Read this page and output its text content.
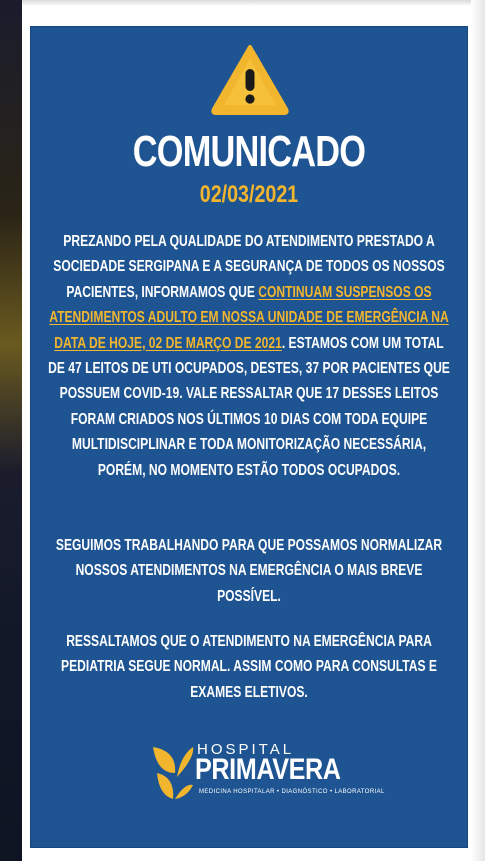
COMUNICADO
02/03/2021
PREZANDO PELA QUALIDADE DO ATENDIMENTO PRESTADO A SOCIEDADE SERGIPANA E A SEGURANÇA DE TODOS OS NOSSOS PACIENTES, INFORMAMOS QUE CONTINUAM SUSPENSOS OS ATENDIMENTOS ADULTO EM NOSSA UNIDADE DE EMERGÊNCIA NA DATA DE HOJE, 02 DE MARÇO DE 2021. ESTAMOS COM UM TOTAL DE 47 LEITOS DE UTI OCUPADOS, DESTES, 37 POR PACIENTES QUE POSSUEM COVID-19. VALE RESSALTAR QUE 17 DESSES LEITOS FORAM CRIADOS NOS ÚLTIMOS 10 DIAS COM TODA EQUIPE MULTIDISCIPLINAR E TODA MONITORIZAÇÃO NECESSÁRIA, PORÉM, NO MOMENTO ESTÃO TODOS OCUPADOS.
SEGUIMOS TRABALHANDO PARA QUE POSSAMOS NORMALIZAR NOSSOS ATENDIMENTOS NA EMERGÊNCIA O MAIS BREVE POSSÍVEL.
RESSALTAMOS QUE O ATENDIMENTO NA EMERGÊNCIA PARA PEDIATRIA SEGUE NORMAL. ASSIM COMO PARA CONSULTAS E EXAMES ELETIVOS.
HOSPITAL
PRIMAVERA
MEDICINA HOSPITALAR • DIAGNÓSTICO • LABORATORIAL
